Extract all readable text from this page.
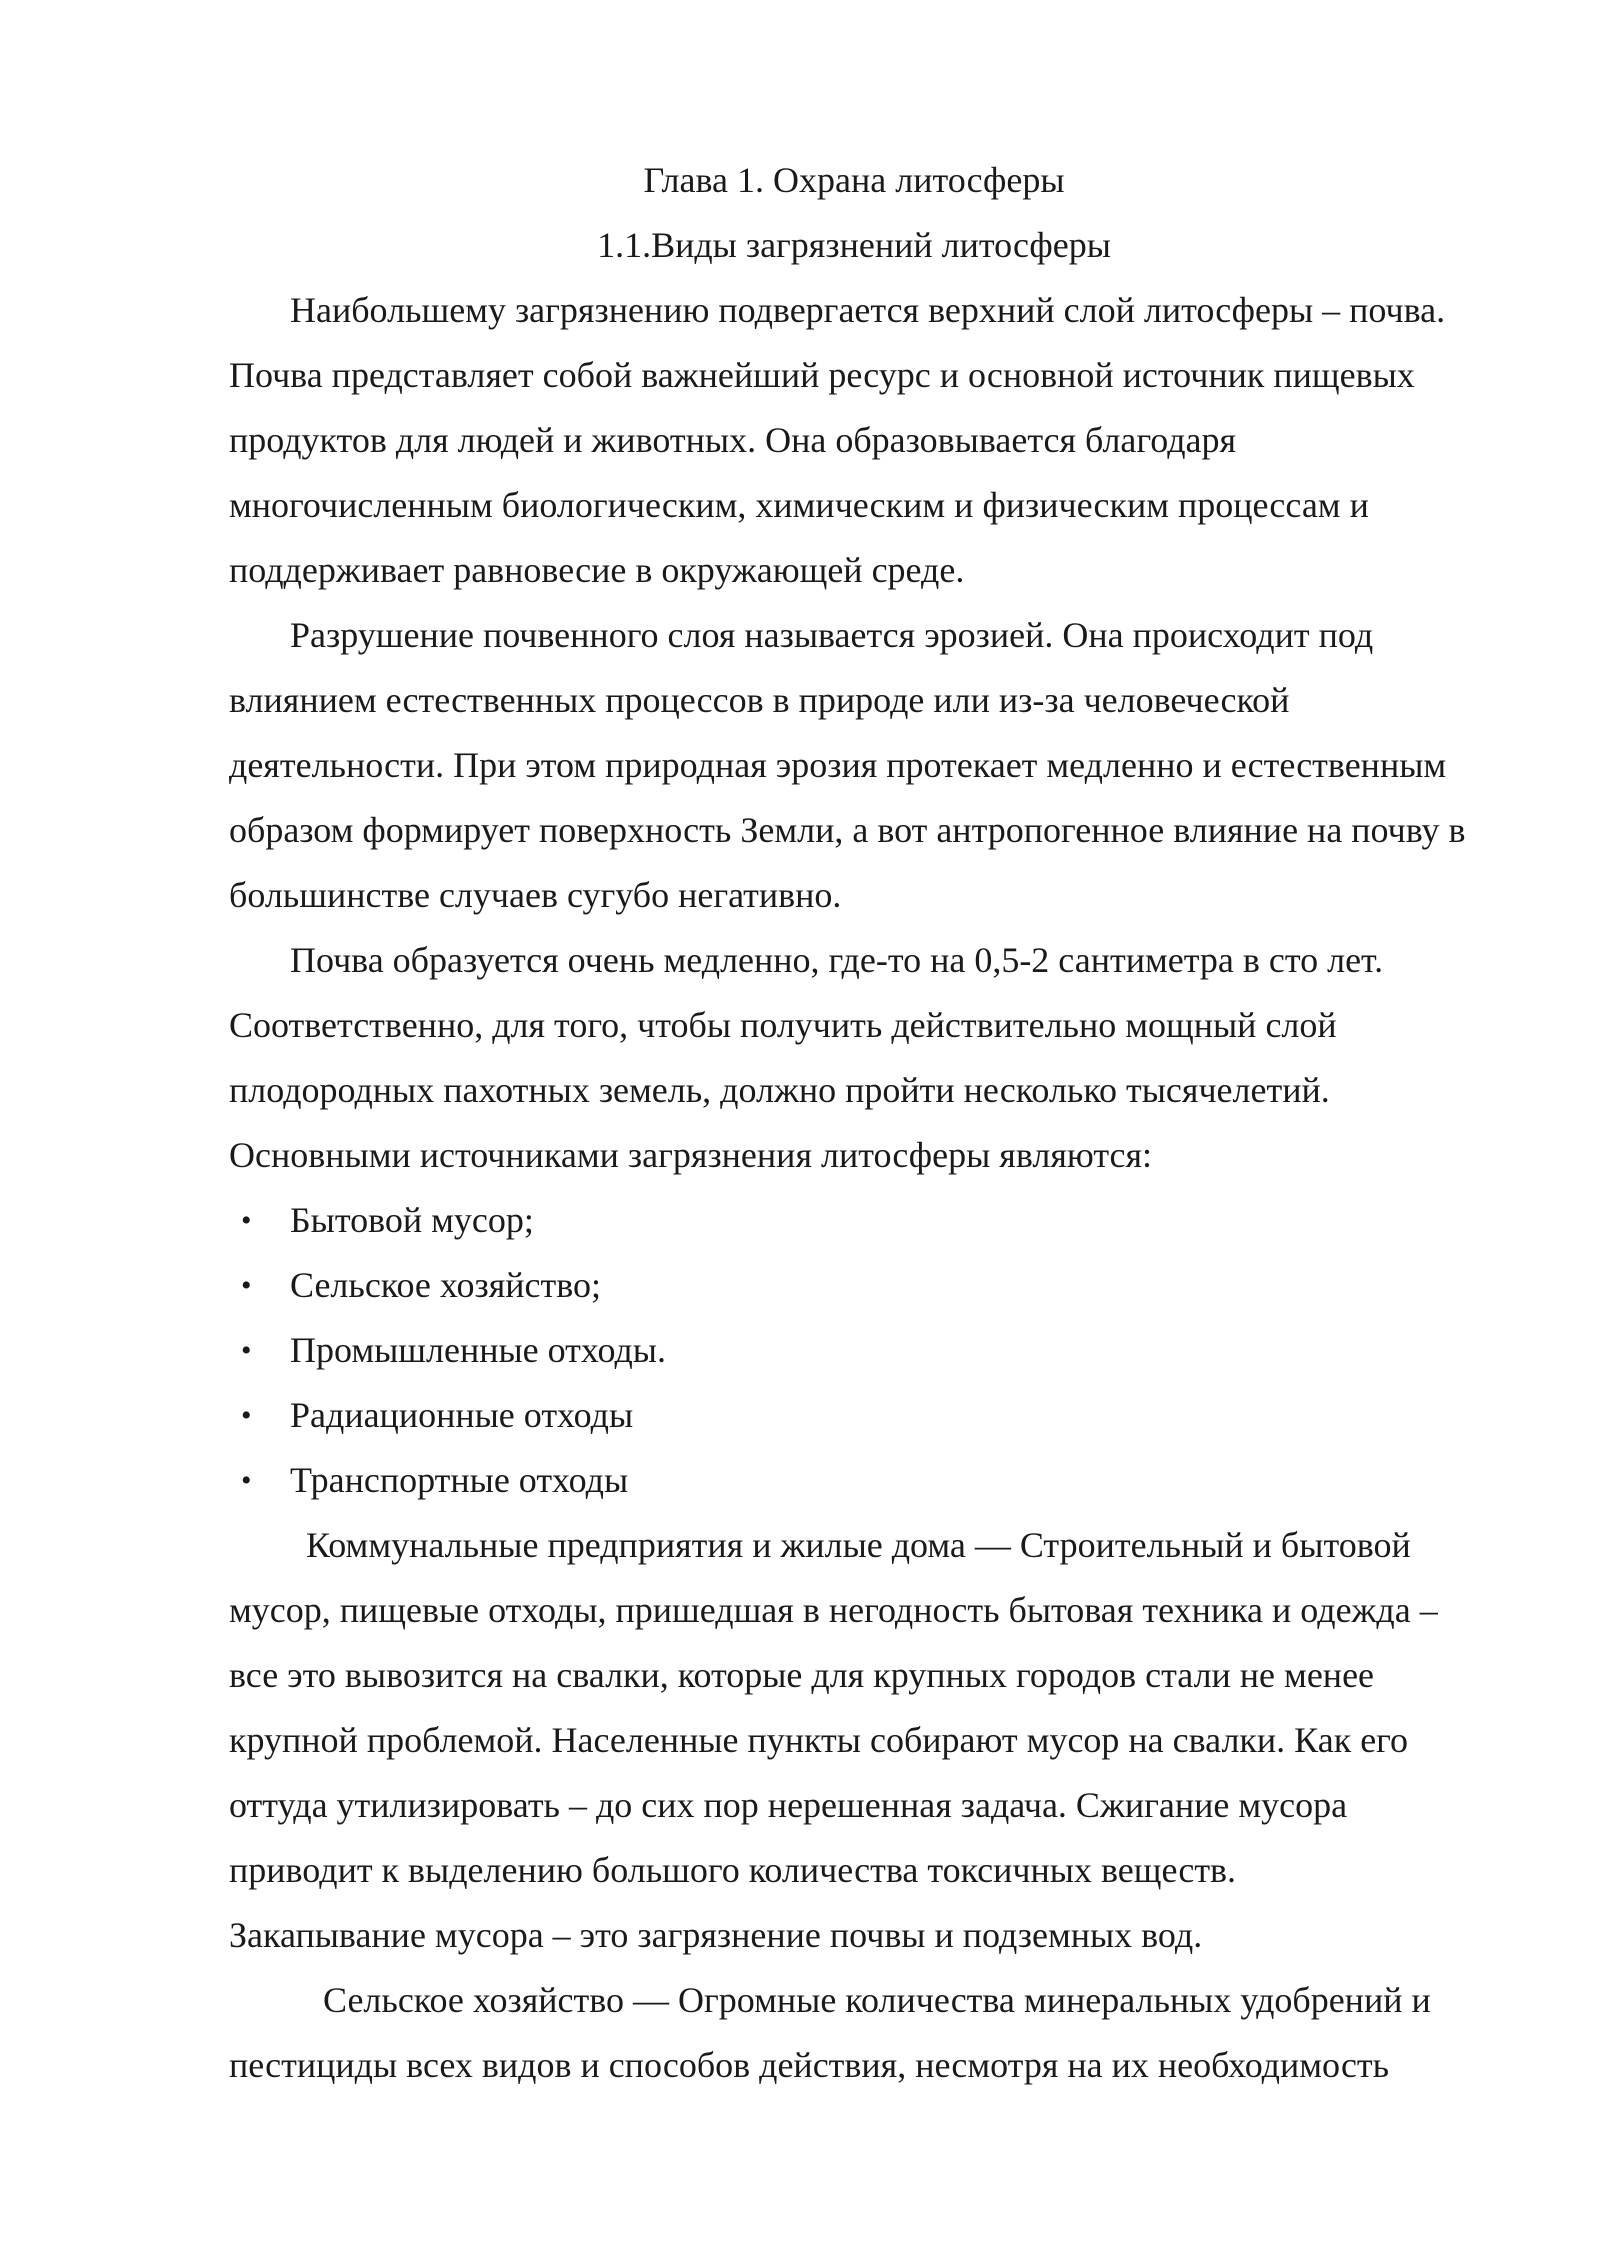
Глава 1. Охрана литосферы
1.1.Виды загрязнений литосферы

Наибольшему загрязнению подвергается верхний слой литосферы – почва. Почва представляет собой важнейший ресурс и основной источник пищевых продуктов для людей и животных. Она образовывается благодаря многочисленным биологическим, химическим и физическим процессам и поддерживает равновесие в окружающей среде.

Разрушение почвенного слоя называется эрозией. Она происходит под влиянием естественных процессов в природе или из-за человеческой деятельности. При этом природная эрозия протекает медленно и естественным образом формирует поверхность Земли, а вот антропогенное влияние на почву в большинстве случаев сугубо негативно.

Почва образуется очень медленно, где-то на 0,5-2 сантиметра в сто лет. Соответственно, для того, чтобы получить действительно мощный слой плодородных пахотных земель, должно пройти несколько тысячелетий.

Основными источниками загрязнения литосферы являются:

• Бытовой мусор;
• Сельское хозяйство;
• Промышленные отходы.
• Радиационные отходы
• Транспортные отходы

Коммунальные предприятия и жилые дома — Строительный и бытовой мусор, пищевые отходы, пришедшая в негодность бытовая техника и одежда – все это вывозится на свалки, которые для крупных городов стали не менее крупной проблемой. Населенные пункты собирают мусор на свалки. Как его оттуда утилизировать – до сих пор нерешенная задача. Сжигание мусора приводит к выделению большого количества токсичных веществ.

Закапывание мусора – это загрязнение почвы и подземных вод.

Сельское хозяйство — Огромные количества минеральных удобрений и пестициды всех видов и способов действия, несмотря на их необходимость
